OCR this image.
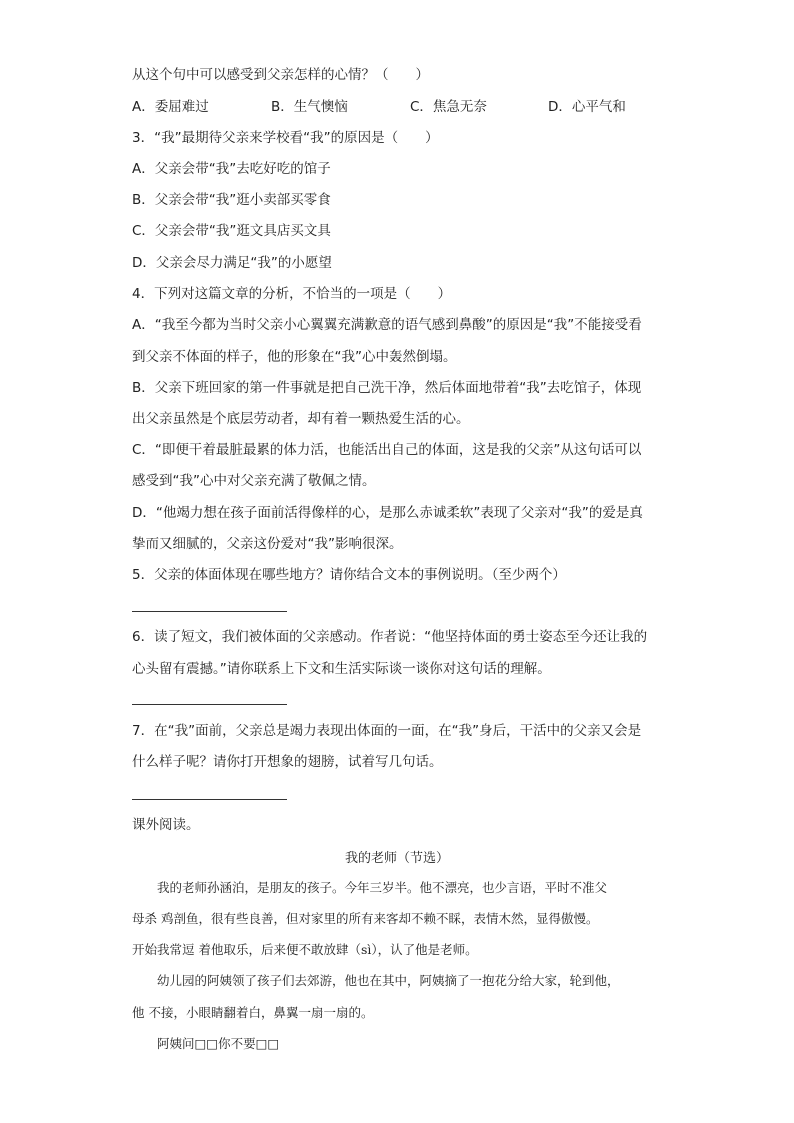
从这个句中可以感受到父亲怎样的心情？（　　）
A．委屈难过	B．生气懊恼	C．焦急无奈	D．心平气和
3．“我”最期待父亲来学校看“我”的原因是（　　）
A．父亲会带“我”去吃好吃的馆子
B．父亲会带“我”逛小卖部买零食
C．父亲会带“我”逛文具店买文具
D．父亲会尽力满足“我”的小愿望
4．下列对这篇文章的分析，不恰当的一项是（　　）
A．“我至今都为当时父亲小心翼翼充满歉意的语气感到鼻酸”的原因是“我”不能接受看
到父亲不体面的样子，他的形象在“我”心中轰然倒塌。
B．父亲下班回家的第一件事就是把自己洗干净，然后体面地带着“我”去吃馆子，体现
出父亲虽然是个底层劳动者，却有着一颗热爱生活的心。
C．“即便干着最脏最累的体力活，也能活出自己的体面，这是我的父亲”从这句话可以
感受到“我”心中对父亲充满了敬佩之情。
D．“他竭力想在孩子面前活得像样的心，是那么赤诚柔软”表现了父亲对“我”的爱是真
挚而又细腻的，父亲这份爱对“我”影响很深。
5．父亲的体面体现在哪些地方？请你结合文本的事例说明。（至少两个）
6．读了短文，我们被体面的父亲感动。作者说：“他坚持体面的勇士姿态至今还让我的
心头留有震撼。”请你联系上下文和生活实际谈一谈你对这句话的理解。
7．在“我”面前，父亲总是竭力表现出体面的一面，在“我”身后，干活中的父亲又会是
什么样子呢？请你打开想象的翅膀，试着写几句话。
课外阅读。
我的老师（节选）
　　我的老师孙涵泊，是朋友的孩子。今年三岁半。他不漂亮，也少言语，平时不准父
母杀 鸡剖鱼，很有些良善，但对家里的所有来客却不赖不睬，表情木然，显得傲慢。
开始我常逗 着他取乐，后来便不敢放肆（sì），认了他是老师。
　　幼儿园的阿姨领了孩子们去郊游，他也在其中，阿姨摘了一抱花分给大家，轮到他，
他 不接，小眼睛翻着白，鼻翼一扇一扇的。
　　阿姨问□□你不要□□
